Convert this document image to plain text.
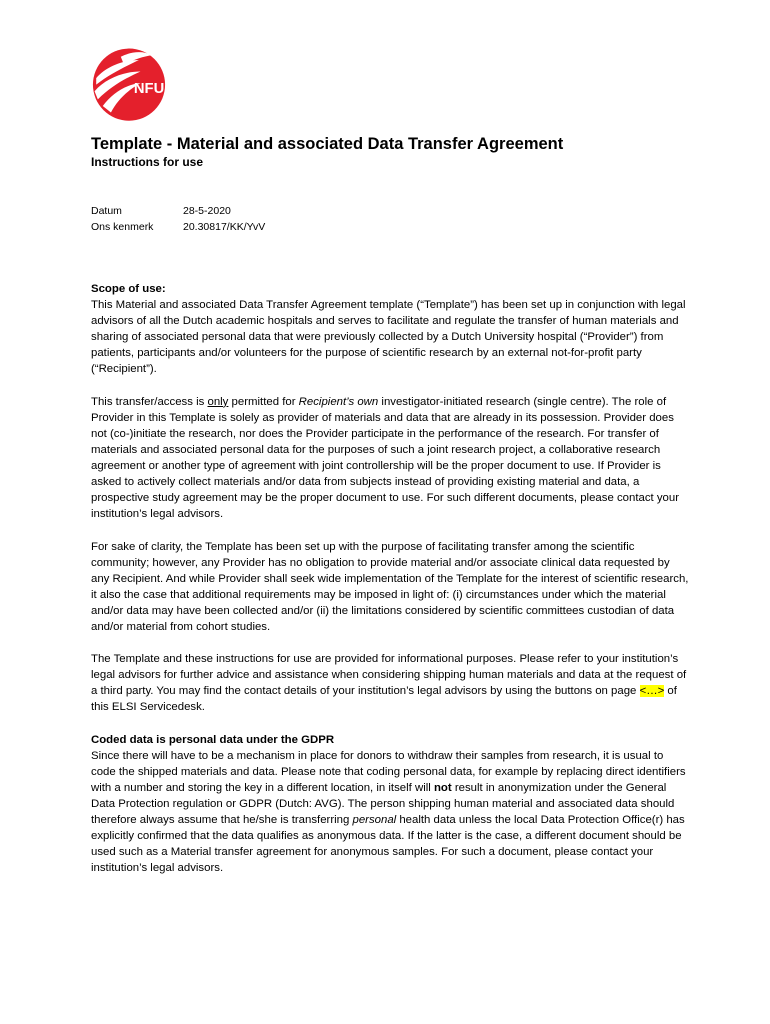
NFU
Template - Material and associated Data Transfer Agreement
Instructions for use
Datum	28-5-2020
Ons kenmerk	20.30817/KK/YvV
Scope of use:

This Material and associated Data Transfer Agreement template (“Template”) has been set up in conjunction with legal advisors of all the Dutch academic hospitals and serves to facilitate and regulate the transfer of human materials and sharing of associated personal data that were previously collected by a Dutch University hospital (“Provider”) from patients, participants and/or volunteers for the purpose of scientific research by an external not-for-profit party (“Recipient”).

This transfer/access is only permitted for Recipient’s own investigator-initiated research (single centre). The role of Provider in this Template is solely as provider of materials and data that are already in its possession. Provider does not (co-)initiate the research, nor does the Provider participate in the performance of the research. For transfer of materials and associated personal data for the purposes of such a joint research project, a collaborative research agreement or another type of agreement with joint controllership will be the proper document to use. If Provider is asked to actively collect materials and/or data from subjects instead of providing existing material and data, a prospective study agreement may be the proper document to use. For such different documents, please contact your institution’s legal advisors.

For sake of clarity, the Template has been set up with the purpose of facilitating transfer among the scientific community; however, any Provider has no obligation to provide material and/or associate clinical data requested by any Recipient. And while Provider shall seek wide implementation of the Template for the interest of scientific research, it also the case that additional requirements may be imposed in light of: (i) circumstances under which the material and/or data may have been collected and/or (ii) the limitations considered by scientific committees custodian of data and/or material from cohort studies.

The Template and these instructions for use are provided for informational purposes. Please refer to your institution’s legal advisors for further advice and assistance when considering shipping human materials and data at the request of a third party. You may find the contact details of your institution’s legal advisors by using the buttons on page <…> of this ELSI Servicedesk.

Coded data is personal data under the GDPR

Since there will have to be a mechanism in place for donors to withdraw their samples from research, it is usual to code the shipped materials and data. Please note that coding personal data, for example by replacing direct identifiers with a number and storing the key in a different location, in itself will not result in anonymization under the General Data Protection regulation or GDPR (Dutch: AVG). The person shipping human material and associated data should therefore always assume that he/she is transferring personal health data unless the local Data Protection Office(r) has explicitly confirmed that the data qualifies as anonymous data. If the latter is the case, a different document should be used such as a Material transfer agreement for anonymous samples. For such a document, please contact your institution’s legal advisors.
